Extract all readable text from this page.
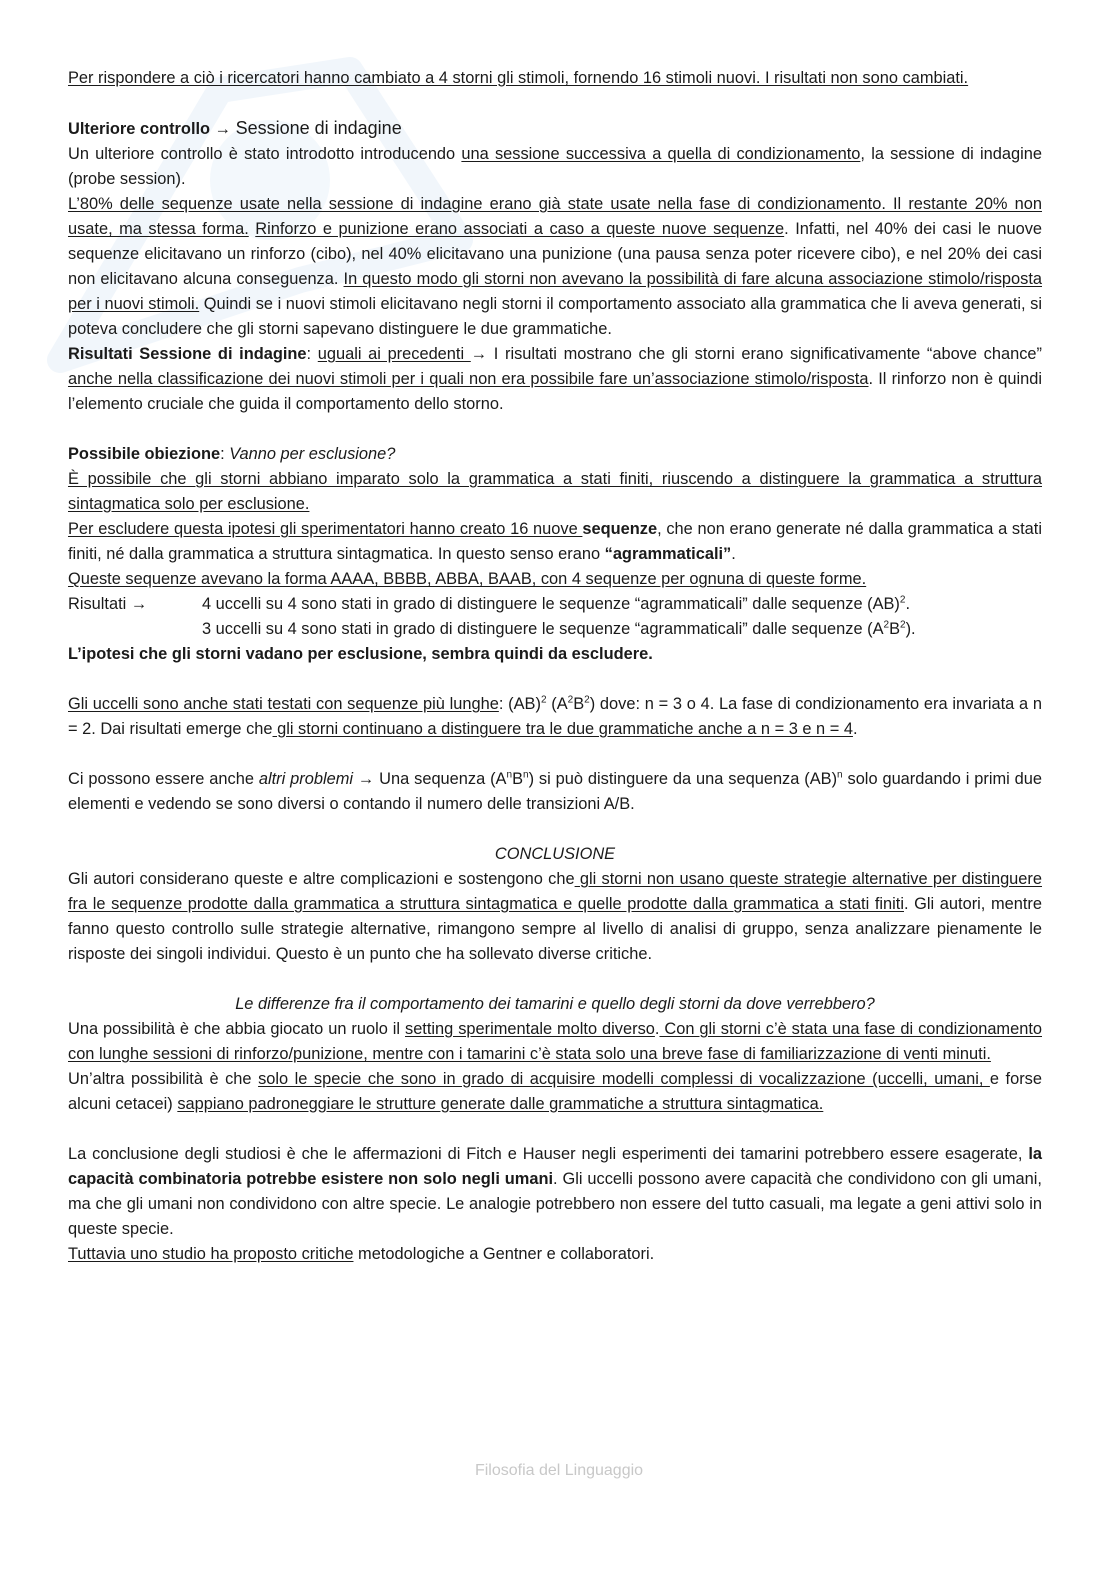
Per rispondere a ciò i ricercatori hanno cambiato a 4 storni gli stimoli, fornendo 16 stimoli nuovi. I risultati non sono cambiati.

Ulteriore controllo → Sessione di indagine

Un ulteriore controllo è stato introdotto introducendo una sessione successiva a quella di condizionamento, la sessione di indagine (probe session).

L’80% delle sequenze usate nella sessione di indagine erano già state usate nella fase di condizionamento. Il restante 20% non usate, ma stessa forma. Rinforzo e punizione erano associati a caso a queste nuove sequenze. Infatti, nel 40% dei casi le nuove sequenze elicitavano un rinforzo (cibo), nel 40% elicitavano una punizione (una pausa senza poter ricevere cibo), e nel 20% dei casi non elicitavano alcuna conseguenza. In questo modo gli storni non avevano la possibilità di fare alcuna associazione stimolo/risposta per i nuovi stimoli. Quindi se i nuovi stimoli elicitavano negli storni il comportamento associato alla grammatica che li aveva generati, si poteva concludere che gli storni sapevano distinguere le due grammatiche.

Risultati Sessione di indagine: uguali ai precedenti → I risultati mostrano che gli storni erano significativamente “above chance” anche nella classificazione dei nuovi stimoli per i quali non era possibile fare un’associazione stimolo/risposta. Il rinforzo non è quindi l’elemento cruciale che guida il comportamento dello storno.

Possibile obiezione: Vanno per esclusione?

È possibile che gli storni abbiano imparato solo la grammatica a stati finiti, riuscendo a distinguere la grammatica a struttura sintagmatica solo per esclusione.

Per escludere questa ipotesi gli sperimentatori hanno creato 16 nuove sequenze, che non erano generate né dalla grammatica a stati finiti, né dalla grammatica a struttura sintagmatica. In questo senso erano “agrammaticali”.

Queste sequenze avevano la forma AAAA, BBBB, ABBA, BAAB, con 4 sequenze per ognuna di queste forme.

Risultati →	4 uccelli su 4 sono stati in grado di distinguere le sequenze “agrammaticali” dalle sequenze (AB)$^2$.
3 uccelli su 4 sono stati in grado di distinguere le sequenze “agrammaticali” dalle sequenze $(A^2B^2)$.

L’ipotesi che gli storni vadano per esclusione, sembra quindi da escludere.

Gli uccelli sono anche stati testati con sequenze più lunghe: (AB)$^2$ $(A^2B^2)$ dove: n = 3 o 4. La fase di condizionamento era invariata a n = 2. Dai risultati emerge che gli storni continuano a distinguere tra le due grammatiche anche a n = 3 e n = 4.

Ci possono essere anche altri problemi → Una sequenza $(A^nB^n)$ si può distinguere da una sequenza (AB)$^n$ solo guardando i primi due elementi e vedendo se sono diversi o contando il numero delle transizioni A/B.

CONCLUSIONE

Gli autori considerano queste e altre complicazioni e sostengono che gli storni non usano queste strategie alternative per distinguere fra le sequenze prodotte dalla grammatica a struttura sintagmatica e quelle prodotte dalla grammatica a stati finiti. Gli autori, mentre fanno questo controllo sulle strategie alternative, rimangono sempre al livello di analisi di gruppo, senza analizzare pienamente le risposte dei singoli individui. Questo è un punto che ha sollevato diverse critiche.

Le differenze fra il comportamento dei tamarini e quello degli storni da dove verrebbero?

Una possibilità è che abbia giocato un ruolo il setting sperimentale molto diverso. Con gli storni c’è stata una fase di condizionamento con lunghe sessioni di rinforzo/punizione, mentre con i tamarini c’è stata solo una breve fase di familiarizzazione di venti minuti.

Un’altra possibilità è che solo le specie che sono in grado di acquisire modelli complessi di vocalizzazione (uccelli, umani, e forse alcuni cetacei) sappiano padroneggiare le strutture generate dalle grammatiche a struttura sintagmatica.

La conclusione degli studiosi è che le affermazioni di Fitch e Hauser negli esperimenti dei tamarini potrebbero essere esagerate, la capacità combinatoria potrebbe esistere non solo negli umani. Gli uccelli possono avere capacità che condividono con gli umani, ma che gli umani non condividono con altre specie. Le analogie potrebbero non essere del tutto casuali, ma legate a geni attivi solo in queste specie.

Tuttavia uno studio ha proposto critiche metodologiche a Gentner e collaboratori.

Filosofia del Linguaggio
